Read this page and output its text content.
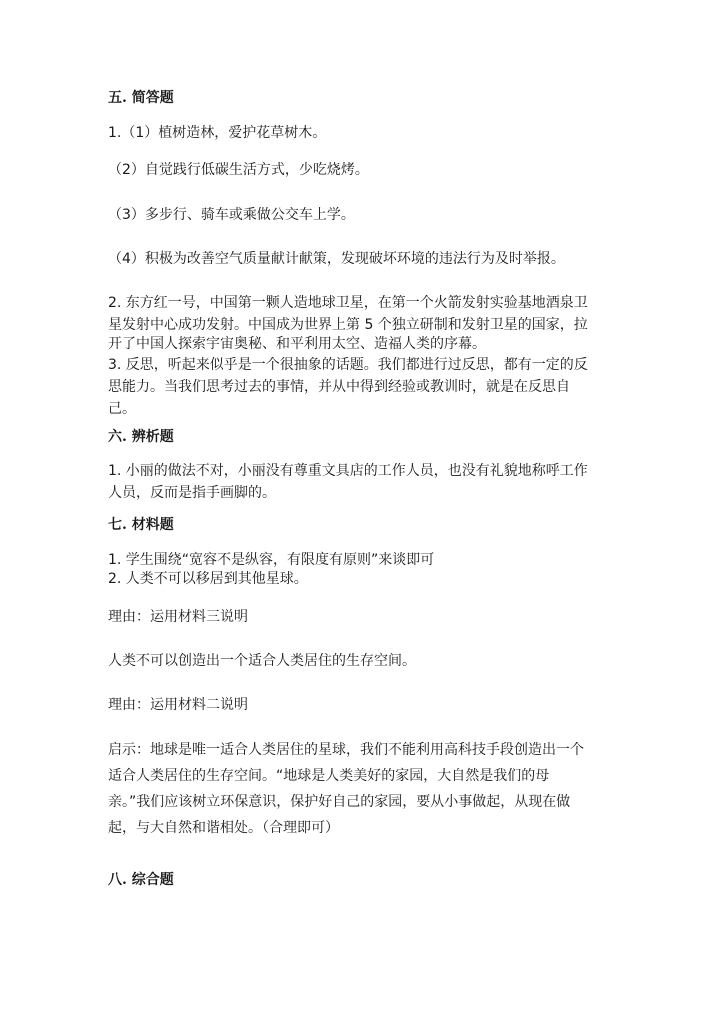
五. 简答题
1.（1）植树造林，爱护花草树木。
（2）自觉践行低碳生活方式，少吃烧烤。
（3）多步行、骑车或乘做公交车上学。
（4）积极为改善空气质量献计献策，发现破坏环境的违法行为及时举报。
2. 东方红一号，中国第一颗人造地球卫星，在第一个火箭发射实验基地酒泉卫
星发射中心成功发射。中国成为世界上第 5 个独立研制和发射卫星的国家，拉
开了中国人探索宇宙奥秘、和平利用太空、造福人类的序幕。
3. 反思，听起来似乎是一个很抽象的话题。我们都进行过反思，都有一定的反
思能力。当我们思考过去的事情，并从中得到经验或教训时，就是在反思自
己。
六. 辨析题
1. 小丽的做法不对，小丽没有尊重文具店的工作人员，也没有礼貌地称呼工作
人员，反而是指手画脚的。
七. 材料题
1. 学生围绕“宽容不是纵容，有限度有原则”来谈即可
2. 人类不可以移居到其他星球。
理由：运用材料三说明
人类不可以创造出一个适合人类居住的生存空间。
理由：运用材料二说明
启示：地球是唯一适合人类居住的星球，我们不能利用高科技手段创造出一个
适合人类居住的生存空间。“地球是人类美好的家园，大自然是我们的母
亲。”我们应该树立环保意识，保护好自己的家园，要从小事做起，从现在做
起，与大自然和谐相处。（合理即可）
八. 综合题
